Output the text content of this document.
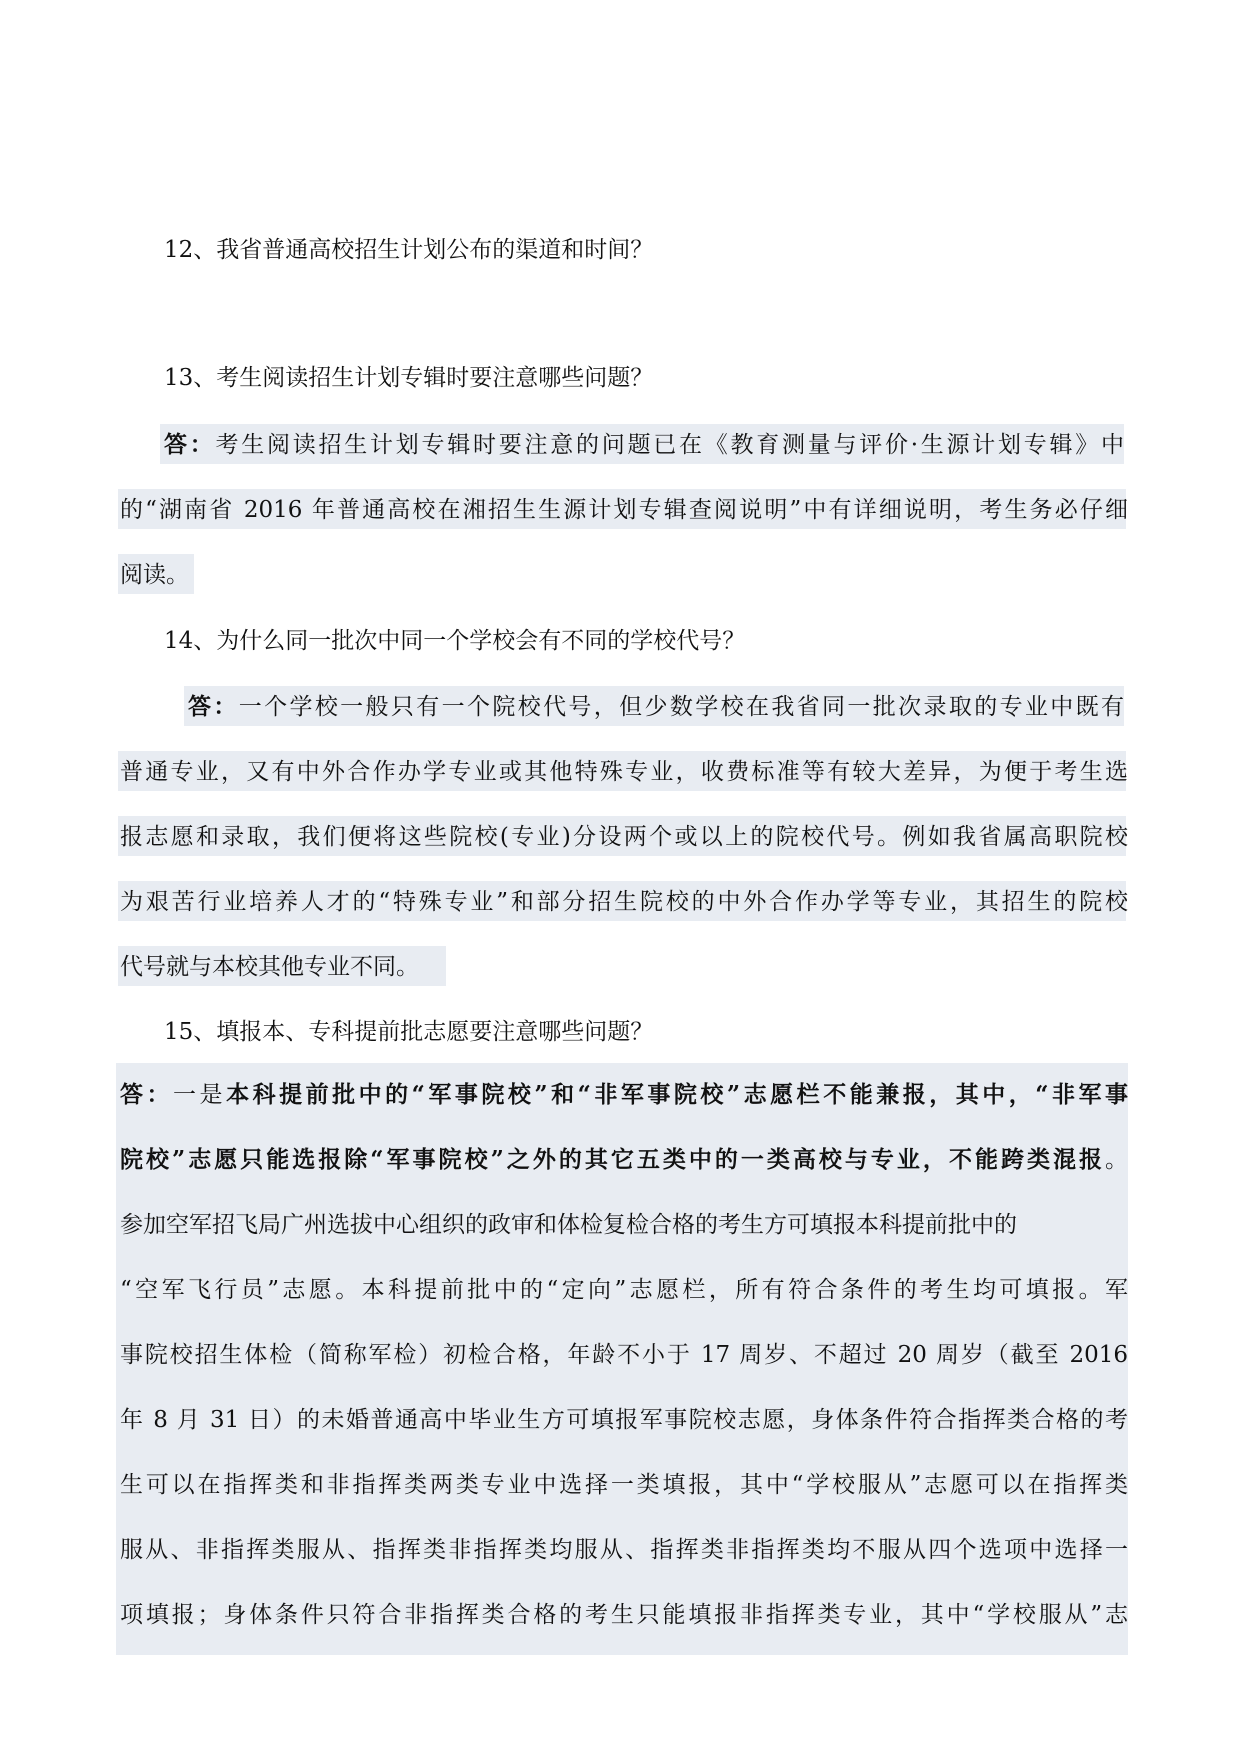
12、我省普通高校招生计划公布的渠道和时间？

13、考生阅读招生计划专辑时要注意哪些问题？

答：考生阅读招生计划专辑时要注意的问题已在《教育测量与评价·生源计划专辑》中

的“湖南省 2016 年普通高校在湘招生生源计划专辑查阅说明”中有详细说明，考生务必仔细

阅读。

14、为什么同一批次中同一个学校会有不同的学校代号？

答：一个学校一般只有一个院校代号，但少数学校在我省同一批次录取的专业中既有

普通专业，又有中外合作办学专业或其他特殊专业，收费标准等有较大差异，为便于考生选

报志愿和录取，我们便将这些院校(专业)分设两个或以上的院校代号。例如我省属高职院校

为艰苦行业培养人才的“特殊专业”和部分招生院校的中外合作办学等专业，其招生的院校

代号就与本校其他专业不同。

15、填报本、专科提前批志愿要注意哪些问题？

答：一是本科提前批中的“军事院校”和“非军事院校”志愿栏不能兼报，其中，“非军事

院校”志愿只能选报除“军事院校”之外的其它五类中的一类高校与专业，不能跨类混报。

参加空军招飞局广州选拔中心组织的政审和体检复检合格的考生方可填报本科提前批中的

“空军飞行员”志愿。本科提前批中的“定向”志愿栏，所有符合条件的考生均可填报。军

事院校招生体检（简称军检）初检合格，年龄不小于 17 周岁、不超过 20 周岁（截至 2016

年 8 月 31 日）的未婚普通高中毕业生方可填报军事院校志愿，身体条件符合指挥类合格的考

生可以在指挥类和非指挥类两类专业中选择一类填报，其中“学校服从”志愿可以在指挥类

服从、非指挥类服从、指挥类非指挥类均服从、指挥类非指挥类均不服从四个选项中选择一

项填报；身体条件只符合非指挥类合格的考生只能填报非指挥类专业，其中“学校服从”志
